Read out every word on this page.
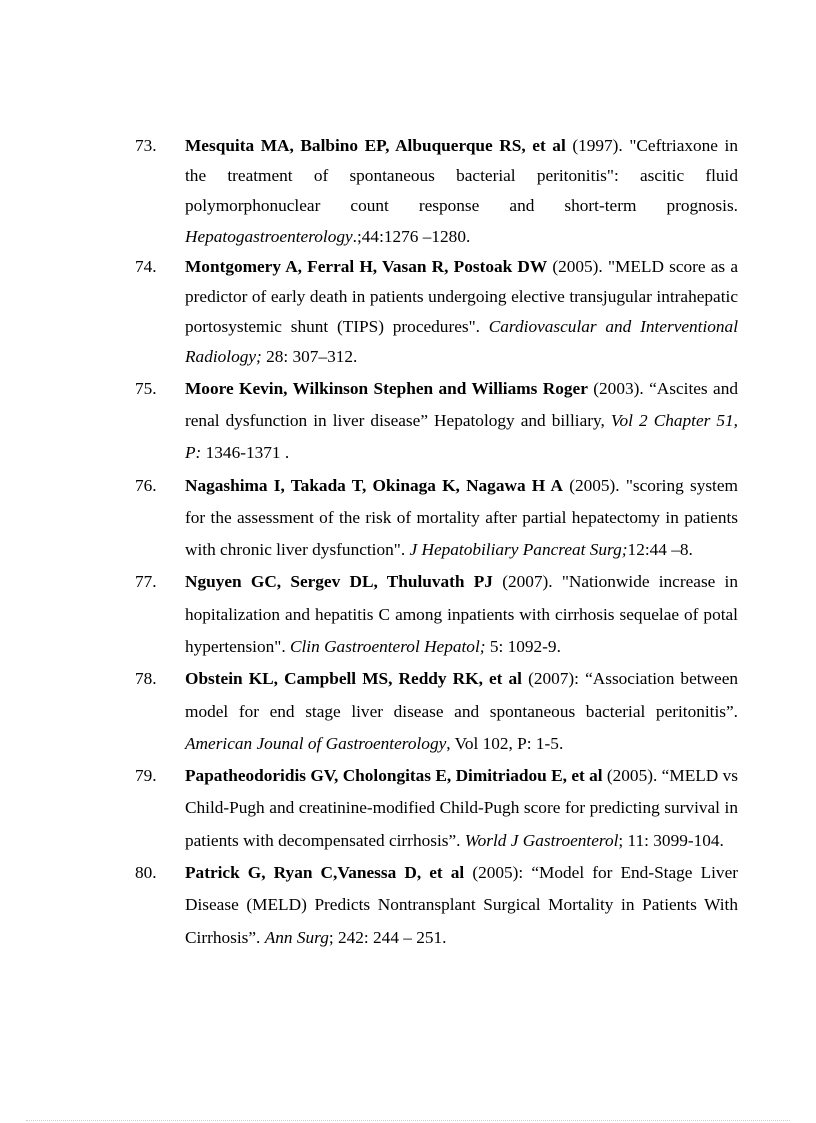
73. Mesquita MA, Balbino EP, Albuquerque RS, et al (1997). "Ceftriaxone in the treatment of spontaneous bacterial peritonitis": ascitic fluid polymorphonuclear count response and short-term prognosis. Hepatogastroenterology.;44:1276 –1280.
74. Montgomery A, Ferral H, Vasan R, Postoak DW (2005). "MELD score as a predictor of early death in patients undergoing elective transjugular intrahepatic portosystemic shunt (TIPS) procedures". Cardiovascular and Interventional Radiology; 28: 307–312.
75. Moore Kevin, Wilkinson Stephen and Williams Roger (2003). “Ascites and renal dysfunction in liver disease” Hepatology and billiary, Vol 2 Chapter 51, P: 1346-1371 .
76. Nagashima I, Takada T, Okinaga K, Nagawa H A (2005). "scoring system for the assessment of the risk of mortality after partial hepatectomy in patients with chronic liver dysfunction". J Hepatobiliary Pancreat Surg;12:44 –8.
77. Nguyen GC, Sergev DL, Thuluvath PJ (2007). "Nationwide increase in hopitalization and hepatitis C among inpatients with cirrhosis sequelae of potal hypertension". Clin Gastroenterol Hepatol; 5: 1092-9.
78. Obstein KL, Campbell MS, Reddy RK, et al (2007): “Association between model for end stage liver disease and spontaneous bacterial peritonitis”. American Jounal of Gastroenterology, Vol 102, P: 1-5.
79. Papatheodoridis GV, Cholongitas E, Dimitriadou E, et al (2005). “MELD vs Child-Pugh and creatinine-modified Child-Pugh score for predicting survival in patients with decompensated cirrhosis”. World J Gastroenterol; 11: 3099-104.
80. Patrick G, Ryan C,Vanessa D, et al (2005): “Model for End-Stage Liver Disease (MELD) Predicts Nontransplant Surgical Mortality in Patients With Cirrhosis”. Ann Surg; 242: 244 – 251.
